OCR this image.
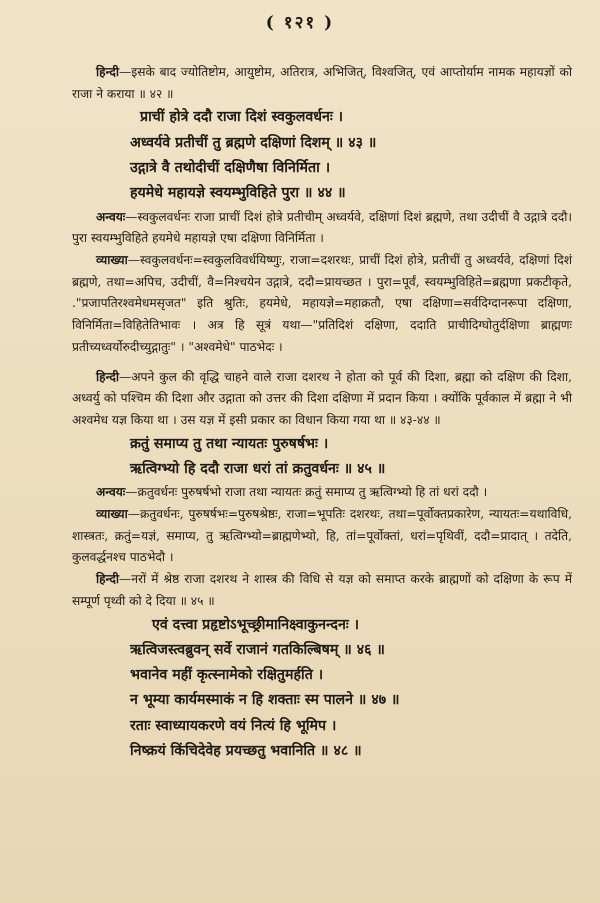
( १२१ )

हिन्दी—इसके बाद ज्योतिष्टोम, आयुष्टोम, अतिरात्र, अभिजित्, विश्वजित्, एवं आप्तोर्याम नामक महायज्ञों को राजा ने कराया ॥ ४२ ॥

प्राचीं होत्रे ददौ राजा दिशं स्वकुलवर्धनः ।
अध्वर्यवे प्रतीचीं तु ब्रह्मणे दक्षिणां दिशम् ॥ ४३ ॥
उद्गात्रे वै तथोदीचीं दक्षिणैषा विनिर्मिता ।
हयमेधे महायज्ञे स्वयम्भुविहिते पुरा ॥ ४४ ॥

अन्वयः—स्वकुलवर्धनः राजा प्राचीं दिशं होत्रे प्रतीचीम् अध्वर्यवे, दक्षिणां दिशं ब्रह्मणे, तथा उदीचीं वै उद्गात्रे ददौ। पुरा स्वयम्भुविहिते हयमेधे महायज्ञे एषा दक्षिणा विनिर्मिता ।

व्याख्या—स्वकुलवर्धनः=स्वकुलविवर्धयिष्णुः, राजा=दशरथः, प्राचीं दिशं होत्रे, प्रतीचीं तु अध्वर्यवे, दक्षिणां दिशं ब्रह्मणे, तथा=अपिच, उदीचीं, वै=निश्चयेन उद्गात्रे, ददौ=प्रायच्छत । पुरा=पूर्वं, स्वयम्भुविहिते=ब्रह्मणा प्रकटीकृते, ."प्रजापतिरश्वमेधमसृजत" इति श्रुतिः, हयमेधे, महायज्ञे=महाक्रतौ, एषा दक्षिणा=सर्वदिग्दानरूपा दक्षिणा, विनिर्मिता=विहितेतिभावः । अत्र हि सूत्रं यथा—"प्रतिदिशं दक्षिणा, ददाति प्राचीदिग्घोतुर्दक्षिणा ब्राह्मणः प्रतीच्यध्वर्योरुदीच्युद्गातुः" । "अश्वमेधे" पाठभेदः ।

हिन्दी—अपने कुल की वृद्धि चाहने वाले राजा दशरथ ने होता को पूर्व की दिशा, ब्रह्मा को दक्षिण की दिशा, अध्वर्यु को पश्चिम की दिशा और उद्गाता को उत्तर की दिशा दक्षिणा में प्रदान किया । क्योंकि पूर्वकाल में ब्रह्मा ने भी अश्वमेध यज्ञ किया था । उस यज्ञ में इसी प्रकार का विधान किया गया था ॥ ४३-४४ ॥

क्रतुं समाप्य तु तथा न्यायतः पुरुषर्षभः ।
ऋत्विग्भ्यो हि ददौ राजा धरां तां क्रतुवर्धनः ॥ ४५ ॥

अन्वयः—क्रतुवर्धनः पुरुषर्षभो राजा तथा न्यायतः क्रतुं समाप्य तु ऋत्विग्भ्यो हि तां धरां ददौ ।

व्याख्या—क्रतुवर्धनः, पुरुषर्षभः=पुरुषश्रेष्ठः, राजा=भूपतिः दशरथः, तथा=पूर्वोक्तप्रकारेण, न्यायतः=यथाविधि, शास्त्रतः, क्रतुं=यज्ञं, समाप्य, तु ऋत्विग्भ्यो=ब्राह्मणेभ्यो, हि, तां=पूर्वोक्तां, धरां=पृथिवीं, ददौ=प्रादात् । तदेति, कुलवर्द्धनश्च पाठभेदौ ।

हिन्दी—नरों में श्रेष्ठ राजा दशरथ ने शास्त्र की विधि से यज्ञ को समाप्त करके ब्राह्मणों को दक्षिणा के रूप में सम्पूर्ण पृथ्वी को दे दिया ॥ ४५ ॥

एवं दत्त्वा प्रहृष्टोऽभूच्छ्रीमानिक्ष्वाकुनन्दनः ।
ऋत्विजस्त्वब्रुवन् सर्वे राजानं गतकिल्बिषम् ॥ ४६ ॥
भवानेव महीं कृत्स्नामेको रक्षितुमर्हति ।
न भूम्या कार्यमस्माकं न हि शक्ताः स्म पालने ॥ ४७ ॥
रताः स्वाध्यायकरणे वयं नित्यं हि भूमिप ।
निष्क्रयं किंचिदेवेह प्रयच्छतु भवानिति ॥ ४८ ॥
